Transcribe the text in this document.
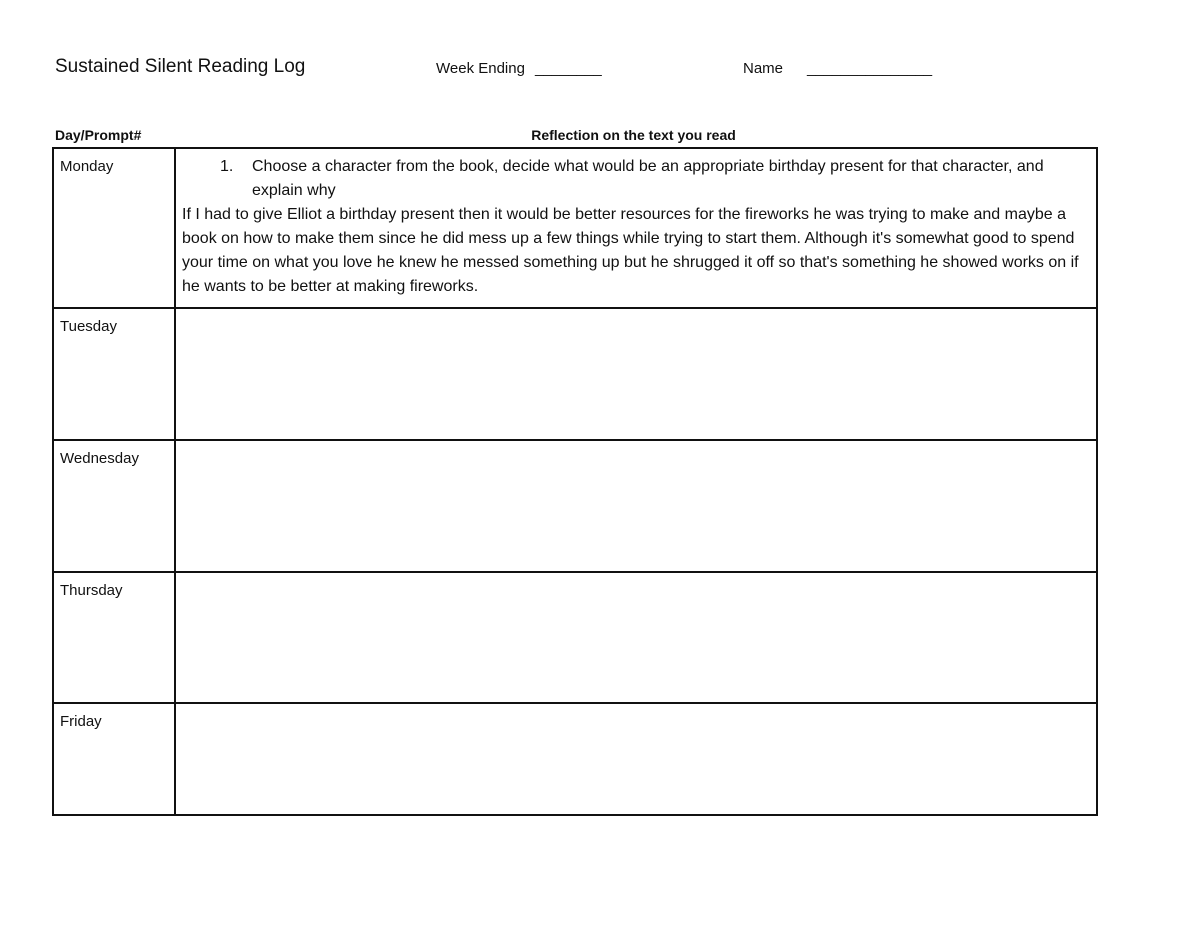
Sustained Silent Reading Log	Week Ending ________	Name _______________
Day/Prompt#	Reflection on the text you read
Monday	1. Choose a character from the book, decide what would be an appropriate birthday present for that character, and explain why

If I had to give Elliot a birthday present then it would be better resources for the fireworks he was trying to make and maybe a book on how to make them since he did mess up a few things while trying to start them. Although it's somewhat good to spend your time on what you love he knew he messed something up but he shrugged it off so that's something he showed works on if he wants to be better at making fireworks.

Tuesday	
Wednesday	
Thursday	
Friday	
